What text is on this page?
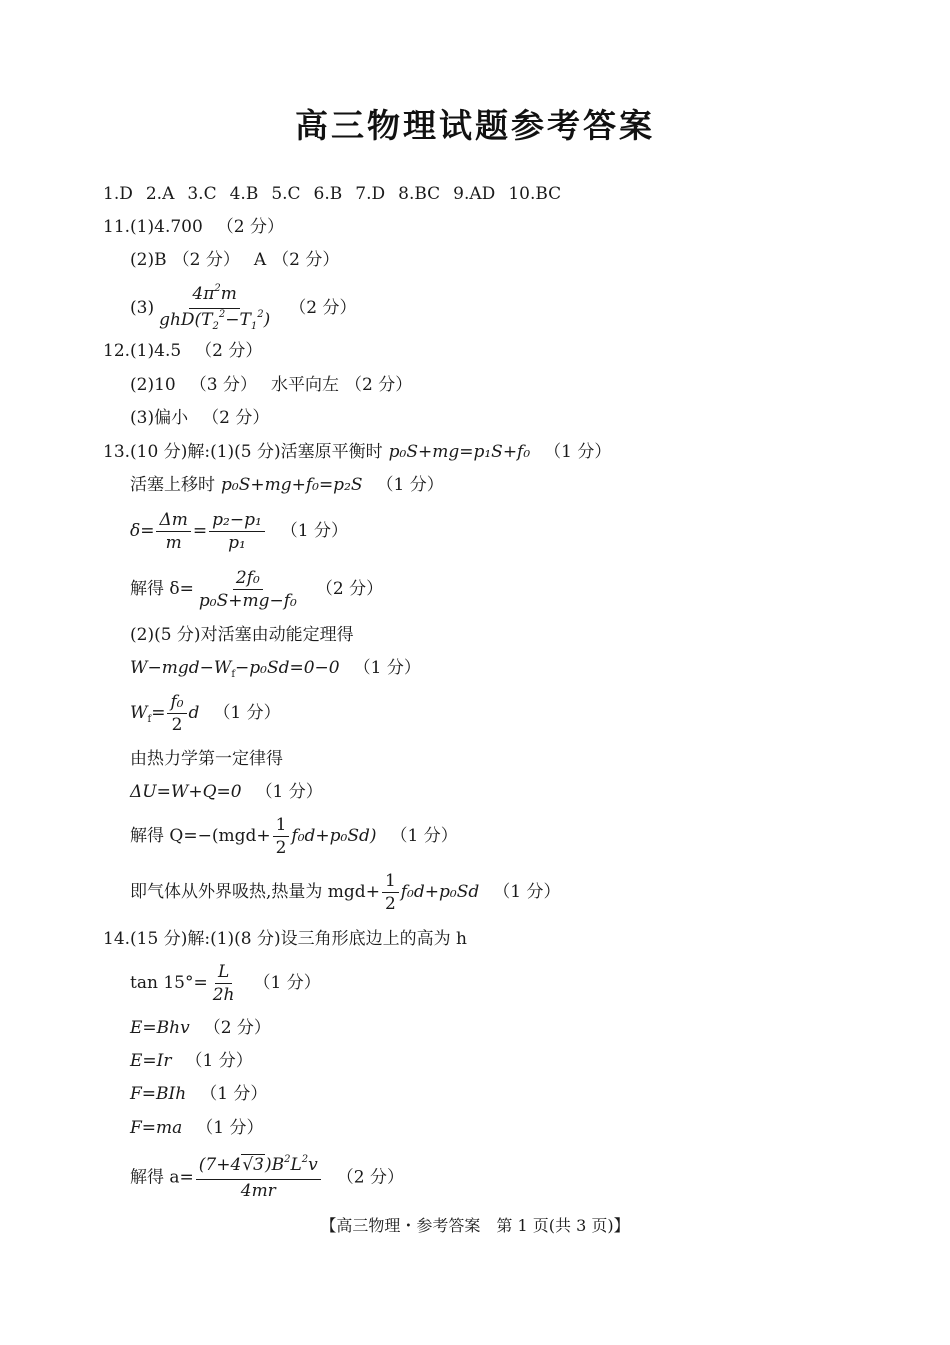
高三物理试题参考答案
1.D 2.A 3.C 4.B 5.C 6.B 7.D 8.BC 9.AD 10.BC
11.(1)4.700 （2 分）
(2)B （2 分） A （2 分）
$(3) \frac{4\pi^2m}{ghD(T_2^2-T_1^2)} (2$ 分）
12.(1)4.5 （2 分）
(2)10 （3 分） 水平向左 （2 分）
(3)偏小 （2 分）
13.(10 分)解:(1)(5 分)活塞原平衡时 p₀S+mg=p₁S+f₀ （1 分）
活塞上移时 p₀S+mg+f₀=p₂S （1 分）
$\delta= \frac{\Delta m}{m} = \frac{\text{p₂−p₁}}{\text{p₁}} (1$ 分）
解得 $\delta= \frac{\text{2f₀}}{\text{p₀S+mg−f₀}} (2$ 分）
(2)(5 分)对活塞由动能定理得
$W-mgd-W_f-p_0Sd=0-0$ （1 分）
$W_f= \frac{\text{f₀}}{2}$ d （1 分）
由热力学第一定律得
ΔU=W+Q=0 （1 分）
解得 $Q=-(mgd+ \frac{1}{2} f_0d+p_0Sd)$ （1 分）
即气体从外界吸热,热量为 $mgd+ \frac{1}{2} f_0d+p_0Sd$ （1 分）
14.(15 分)解:(1)(8 分)设三角形底边上的高为 h
$\tan 15^\circ= \frac{L}{2h} (1$ 分）
E=Bhv （2 分）
E=Ir （1 分）
F=BIh （1 分）
F=ma （1 分）
解得 $a= \frac{(7+4√3)B^2L^2v}{4mr} (2$ 分）
【高三物理・参考答案　第 1 页(共 3 页)】
